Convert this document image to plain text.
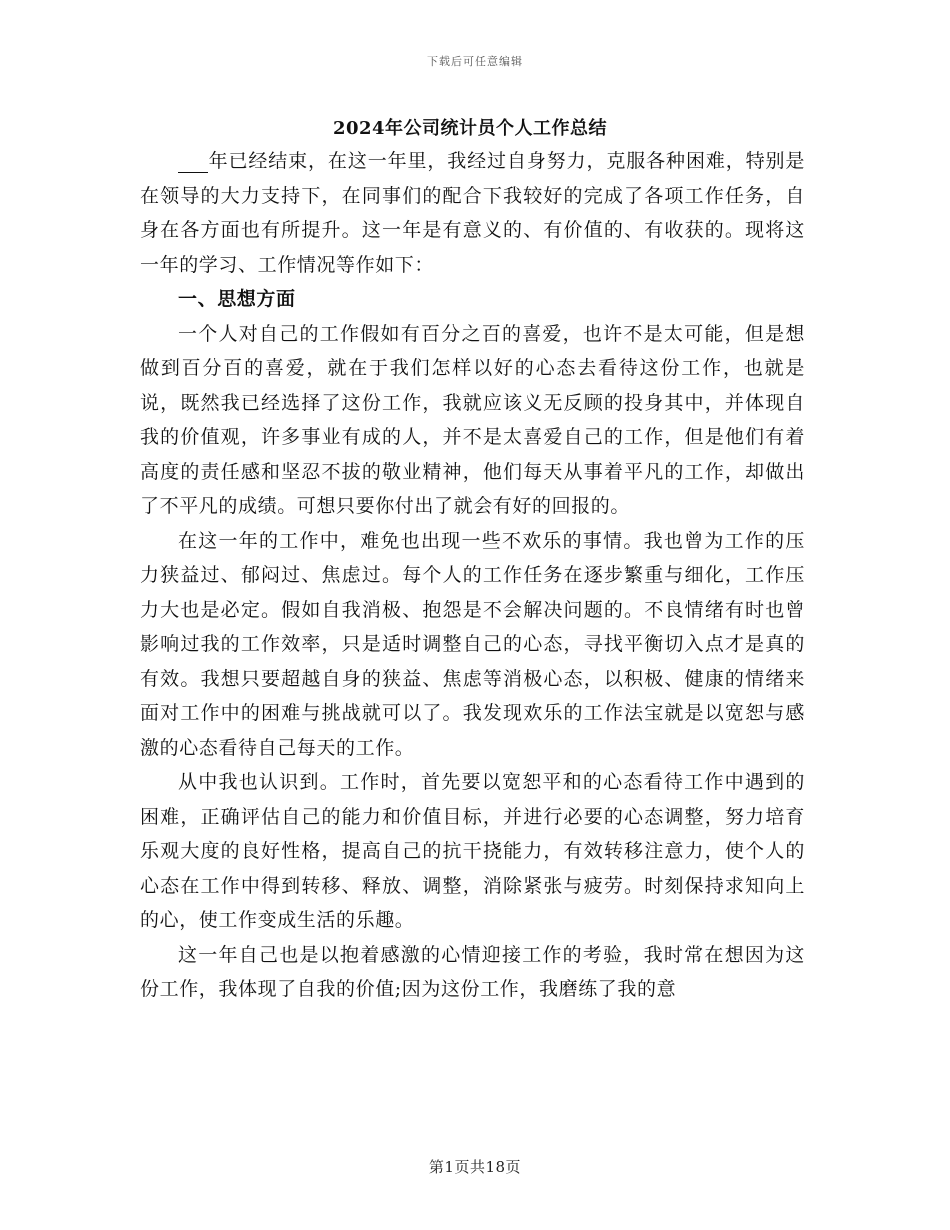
下载后可任意编辑
2024年公司统计员个人工作总结

年已经结束，在这一年里，我经过自身努力，克服各种困难，特别是在领导的大力支持下，在同事们的配合下我较好的完成了各项工作任务，自身在各方面也有所提升。这一年是有意义的、有价值的、有收获的。现将这一年的学习、工作情况等作如下：

一、思想方面

一个人对自己的工作假如有百分之百的喜爱，也许不是太可能，但是想做到百分百的喜爱，就在于我们怎样以好的心态去看待这份工作，也就是说，既然我已经选择了这份工作，我就应该义无反顾的投身其中，并体现自我的价值观，许多事业有成的人，并不是太喜爱自己的工作，但是他们有着高度的责任感和坚忍不拔的敬业精神，他们每天从事着平凡的工作，却做出了不平凡的成绩。可想只要你付出了就会有好的回报的。

在这一年的工作中，难免也出现一些不欢乐的事情。我也曾为工作的压力狭益过、郁闷过、焦虑过。每个人的工作任务在逐步繁重与细化，工作压力大也是必定。假如自我消极、抱怨是不会解决问题的。不良情绪有时也曾影响过我的工作效率，只是适时调整自己的心态，寻找平衡切入点才是真的有效。我想只要超越自身的狭益、焦虑等消极心态，以积极、健康的情绪来面对工作中的困难与挑战就可以了。我发现欢乐的工作法宝就是以宽恕与感激的心态看待自己每天的工作。

从中我也认识到。工作时，首先要以宽恕平和的心态看待工作中遇到的困难，正确评估自己的能力和价值目标，并进行必要的心态调整，努力培育乐观大度的良好性格，提高自己的抗干挠能力，有效转移注意力，使个人的心态在工作中得到转移、释放、调整，消除紧张与疲劳。时刻保持求知向上的心，使工作变成生活的乐趣。

这一年自己也是以抱着感激的心情迎接工作的考验，我时常在想因为这份工作，我体现了自我的价值;因为这份工作，我磨练了我的意

第1页共18页
